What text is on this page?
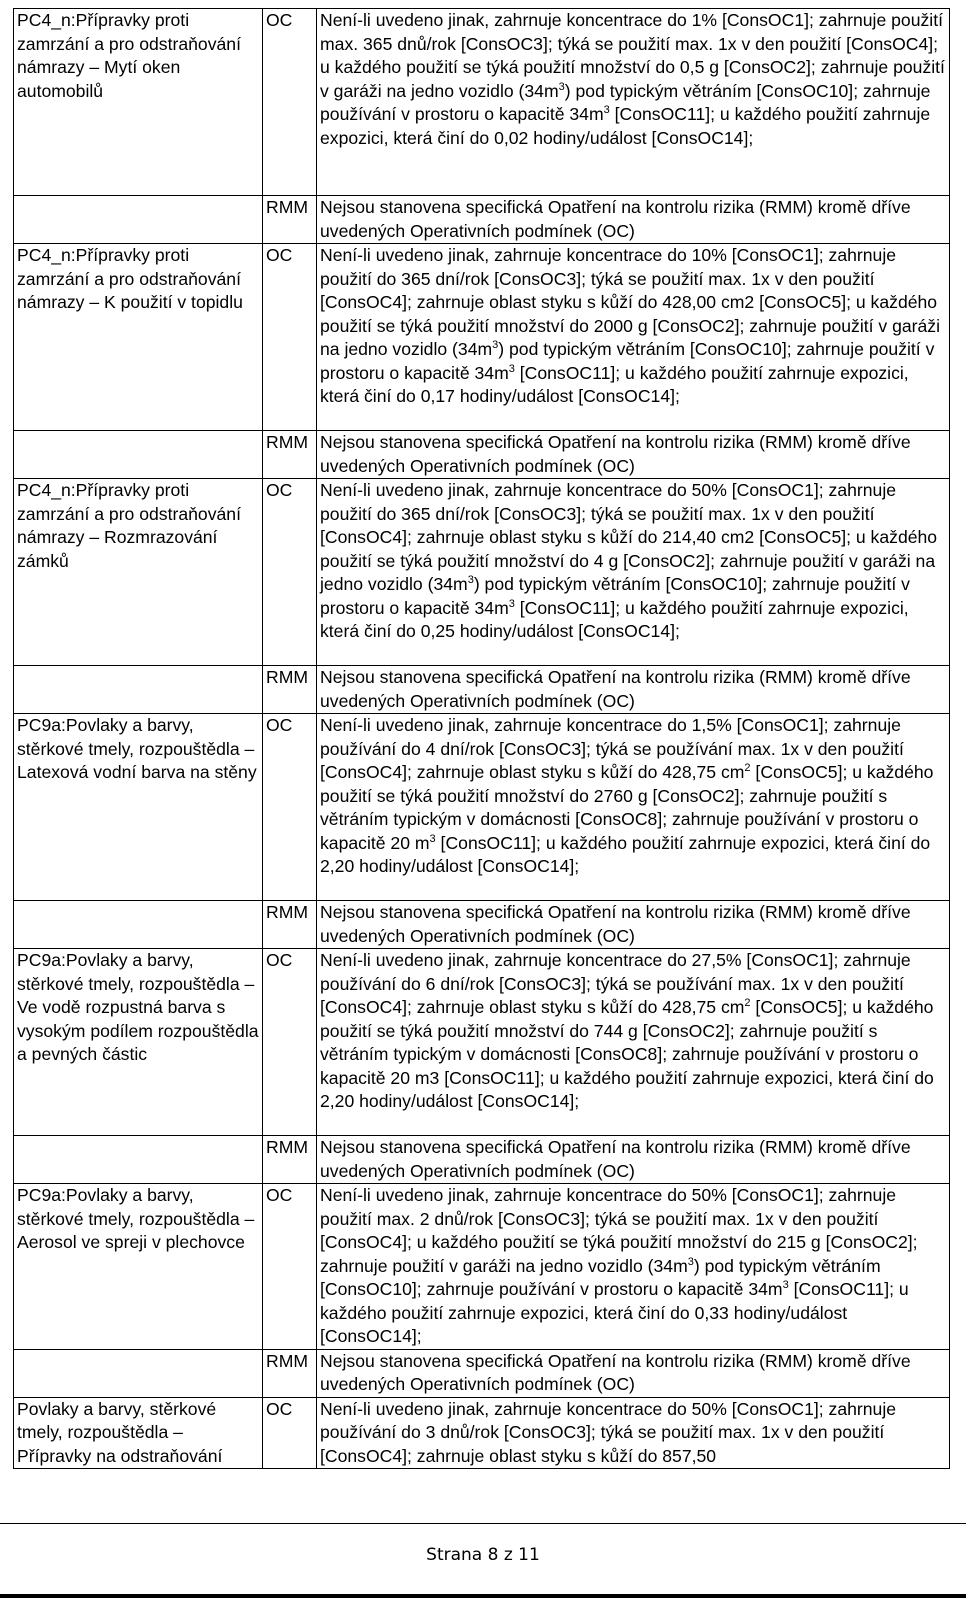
PC4_n:Přípravky proti zamrzání a pro odstraňování námrazy – Mytí oken automobilů	OC	Není-li uvedeno jinak, zahrnuje koncentrace do 1% [ConsOC1]; zahrnuje použití max. 365 dnů/rok [ConsOC3]; týká se použití max. 1x v den použití [ConsOC4]; u každého použití se týká použití množství do 0,5 g [ConsOC2]; zahrnuje použití v garáži na jedno vozidlo $(34m^3)$ pod typickým větráním [ConsOC10]; zahrnuje používání v prostoru o kapacitě $34m^3$ [ConsOC11]; u každého použití zahrnuje expozici, která činí do 0,02 hodiny/událost [ConsOC14];
	RMM	Nejsou stanovena specifická Opatření na kontrolu rizika (RMM) kromě dříve uvedených Operativních podmínek (OC)
PC4_n:Přípravky proti zamrzání a pro odstraňování námrazy – K použití v topidlu	OC	Není-li uvedeno jinak, zahrnuje koncentrace do 10% [ConsOC1]; zahrnuje použití do 365 dní/rok [ConsOC3]; týká se použití max. 1x v den použití [ConsOC4]; zahrnuje oblast styku s kůží do 428,00 cm2 [ConsOC5]; u každého použití se týká použití množství do 2000 g [ConsOC2]; zahrnuje použití v garáži na jedno vozidlo $(34m^3)$ pod typickým větráním [ConsOC10]; zahrnuje použití v prostoru o kapacitě $34m^3$ [ConsOC11]; u každého použití zahrnuje expozici, která činí do 0,17 hodiny/událost [ConsOC14];
	RMM	Nejsou stanovena specifická Opatření na kontrolu rizika (RMM) kromě dříve uvedených Operativních podmínek (OC)
PC4_n:Přípravky proti zamrzání a pro odstraňování námrazy – Rozmrazování zámků	OC	Není-li uvedeno jinak, zahrnuje koncentrace do 50% [ConsOC1]; zahrnuje použití do 365 dní/rok [ConsOC3]; týká se použití max. 1x v den použití [ConsOC4]; zahrnuje oblast styku s kůží do 214,40 cm2 [ConsOC5]; u každého použití se týká použití množství do 4 g [ConsOC2]; zahrnuje použití v garáži na jedno vozidlo $(34m^3)$ pod typickým větráním [ConsOC10]; zahrnuje použití v prostoru o kapacitě $34m^3$ [ConsOC11]; u každého použití zahrnuje expozici, která činí do 0,25 hodiny/událost [ConsOC14];
	RMM	Nejsou stanovena specifická Opatření na kontrolu rizika (RMM) kromě dříve uvedených Operativních podmínek (OC)
PC9a:Povlaky a barvy, stěrkové tmely, rozpouštědla – Latexová vodní barva na stěny	OC	Není-li uvedeno jinak, zahrnuje koncentrace do 1,5% [ConsOC1]; zahrnuje používání do 4 dní/rok [ConsOC3]; týká se používání max. 1x v den použití [ConsOC4]; zahrnuje oblast styku s kůží do 428,75 $cm^2$ [ConsOC5]; u každého použití se týká použití množství do 2760 g [ConsOC2]; zahrnuje použití s větráním typickým v domácnosti [ConsOC8]; zahrnuje používání v prostoru o kapacitě 20 $m^3$ [ConsOC11]; u každého použití zahrnuje expozici, která činí do 2,20 hodiny/událost [ConsOC14];
	RMM	Nejsou stanovena specifická Opatření na kontrolu rizika (RMM) kromě dříve uvedených Operativních podmínek (OC)
PC9a:Povlaky a barvy, stěrkové tmely, rozpouštědla – Ve vodě rozpustná barva s vysokým podílem rozpouštědla a pevných částic	OC	Není-li uvedeno jinak, zahrnuje koncentrace do 27,5% [ConsOC1]; zahrnuje používání do 6 dní/rok [ConsOC3]; týká se používání max. 1x v den použití [ConsOC4]; zahrnuje oblast styku s kůží do 428,75 $cm^2$ [ConsOC5]; u každého použití se týká použití množství do 744 g [ConsOC2]; zahrnuje použití s větráním typickým v domácnosti [ConsOC8]; zahrnuje používání v prostoru o kapacitě 20 m3 [ConsOC11]; u každého použití zahrnuje expozici, která činí do 2,20 hodiny/událost [ConsOC14];
	RMM	Nejsou stanovena specifická Opatření na kontrolu rizika (RMM) kromě dříve uvedených Operativních podmínek (OC)
PC9a:Povlaky a barvy, stěrkové tmely, rozpouštědla – Aerosol ve spreji v plechovce	OC	Není-li uvedeno jinak, zahrnuje koncentrace do 50% [ConsOC1]; zahrnuje použití max. 2 dnů/rok [ConsOC3]; týká se použití max. 1x v den použití [ConsOC4]; u každého použití se týká použití množství do 215 g [ConsOC2]; zahrnuje použití v garáži na jedno vozidlo $(34m^3)$ pod typickým větráním [ConsOC10]; zahrnuje používání v prostoru o kapacitě $34m^3$ [ConsOC11]; u každého použití zahrnuje expozici, která činí do 0,33 hodiny/událost [ConsOC14];
	RMM	Nejsou stanovena specifická Opatření na kontrolu rizika (RMM) kromě dříve uvedených Operativních podmínek (OC)
Povlaky a barvy, stěrkové tmely, rozpouštědla – Přípravky na odstraňování	OC	Není-li uvedeno jinak, zahrnuje koncentrace do 50% [ConsOC1]; zahrnuje používání do 3 dnů/rok [ConsOC3]; týká se použití max. 1x v den použití [ConsOC4]; zahrnuje oblast styku s kůží do 857,50
Strana 8 z 11
